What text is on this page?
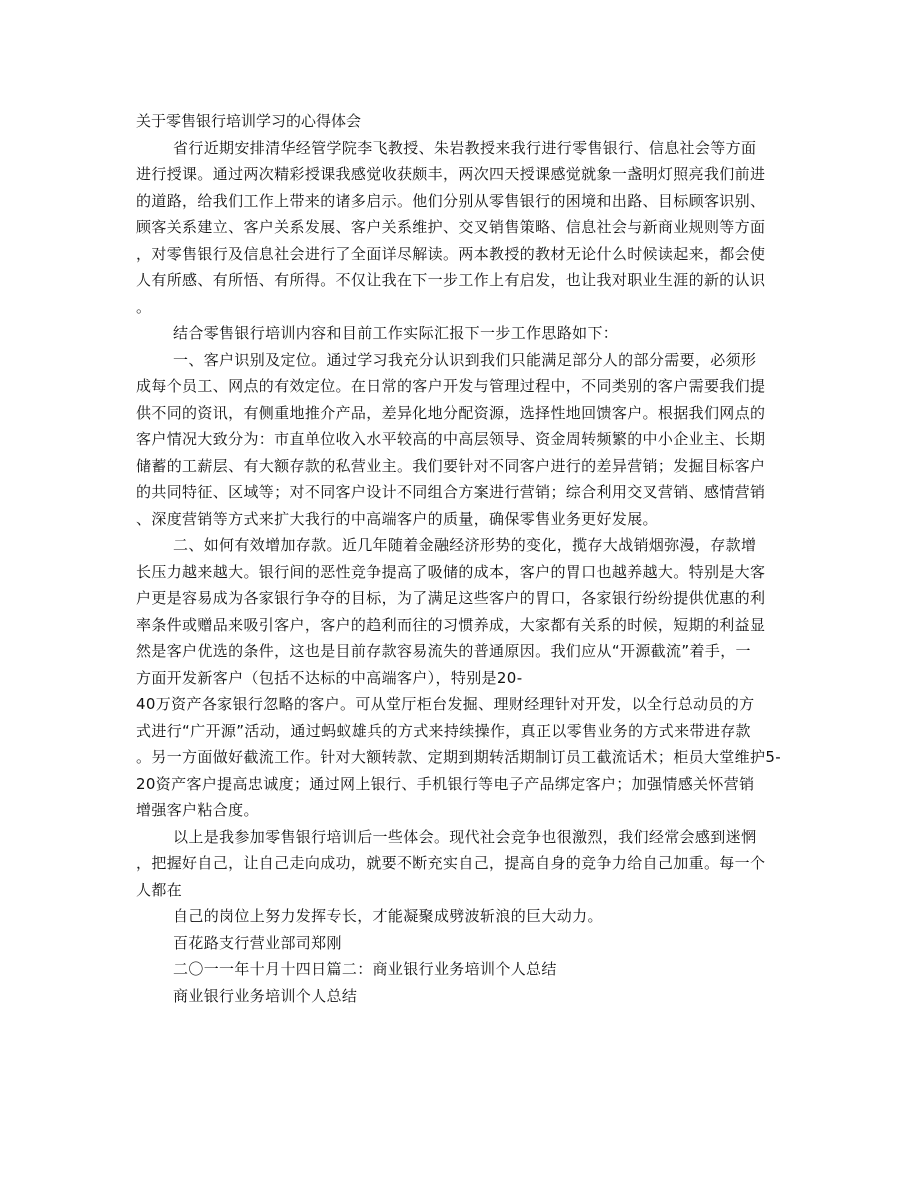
关于零售银行培训学习的心得体会
省行近期安排清华经管学院李飞教授、朱岩教授来我行进行零售银行、信息社会等方面
进行授课。通过两次精彩授课我感觉收获颇丰，两次四天授课感觉就象一盏明灯照亮我们前进
的道路，给我们工作上带来的诸多启示。他们分别从零售银行的困境和出路、目标顾客识别、
顾客关系建立、客户关系发展、客户关系维护、交叉销售策略、信息社会与新商业规则等方面
，对零售银行及信息社会进行了全面详尽解读。两本教授的教材无论什么时候读起来，都会使
人有所感、有所悟、有所得。不仅让我在下一步工作上有启发，也让我对职业生涯的新的认识
。
结合零售银行培训内容和目前工作实际汇报下一步工作思路如下：
一、客户识别及定位。通过学习我充分认识到我们只能满足部分人的部分需要，必须形
成每个员工、网点的有效定位。在日常的客户开发与管理过程中，不同类别的客户需要我们提
供不同的资讯，有侧重地推介产品，差异化地分配资源，选择性地回馈客户。根据我们网点的
客户情况大致分为：市直单位收入水平较高的中高层领导、资金周转频繁的中小企业主、长期
储蓄的工薪层、有大额存款的私营业主。我们要针对不同客户进行的差异营销；发掘目标客户
的共同特征、区域等；对不同客户设计不同组合方案进行营销；综合利用交叉营销、感情营销
、深度营销等方式来扩大我行的中高端客户的质量，确保零售业务更好发展。
二、如何有效增加存款。近几年随着金融经济形势的变化，揽存大战销烟弥漫，存款增
长压力越来越大。银行间的恶性竞争提高了吸储的成本，客户的胃口也越养越大。特别是大客
户更是容易成为各家银行争夺的目标，为了满足这些客户的胃口，各家银行纷纷提供优惠的利
率条件或赠品来吸引客户，客户的趋利而往的习惯养成，大家都有关系的时候，短期的利益显
然是客户优选的条件，这也是目前存款容易流失的普通原因。我们应从“开源截流”着手，一
方面开发新客户（包括不达标的中高端客户），特别是20-
40万资产各家银行忽略的客户。可从堂厅柜台发掘、理财经理针对开发，以全行总动员的方
式进行“广开源”活动，通过蚂蚁雄兵的方式来持续操作，真正以零售业务的方式来带进存款
。另一方面做好截流工作。针对大额转款、定期到期转活期制订员工截流话术；柜员大堂维护5-
20资产客户提高忠诚度；通过网上银行、手机银行等电子产品绑定客户；加强情感关怀营销
增强客户粘合度。
以上是我参加零售银行培训后一些体会。现代社会竞争也很激烈，我们经常会感到迷惘
，把握好自己，让自己走向成功，就要不断充实自己，提高自身的竞争力给自己加重。每一个
人都在
自己的岗位上努力发挥专长，才能凝聚成劈波斩浪的巨大动力。
百花路支行营业部司郑刚
二〇一一年十月十四日篇二：商业银行业务培训个人总结
商业银行业务培训个人总结
